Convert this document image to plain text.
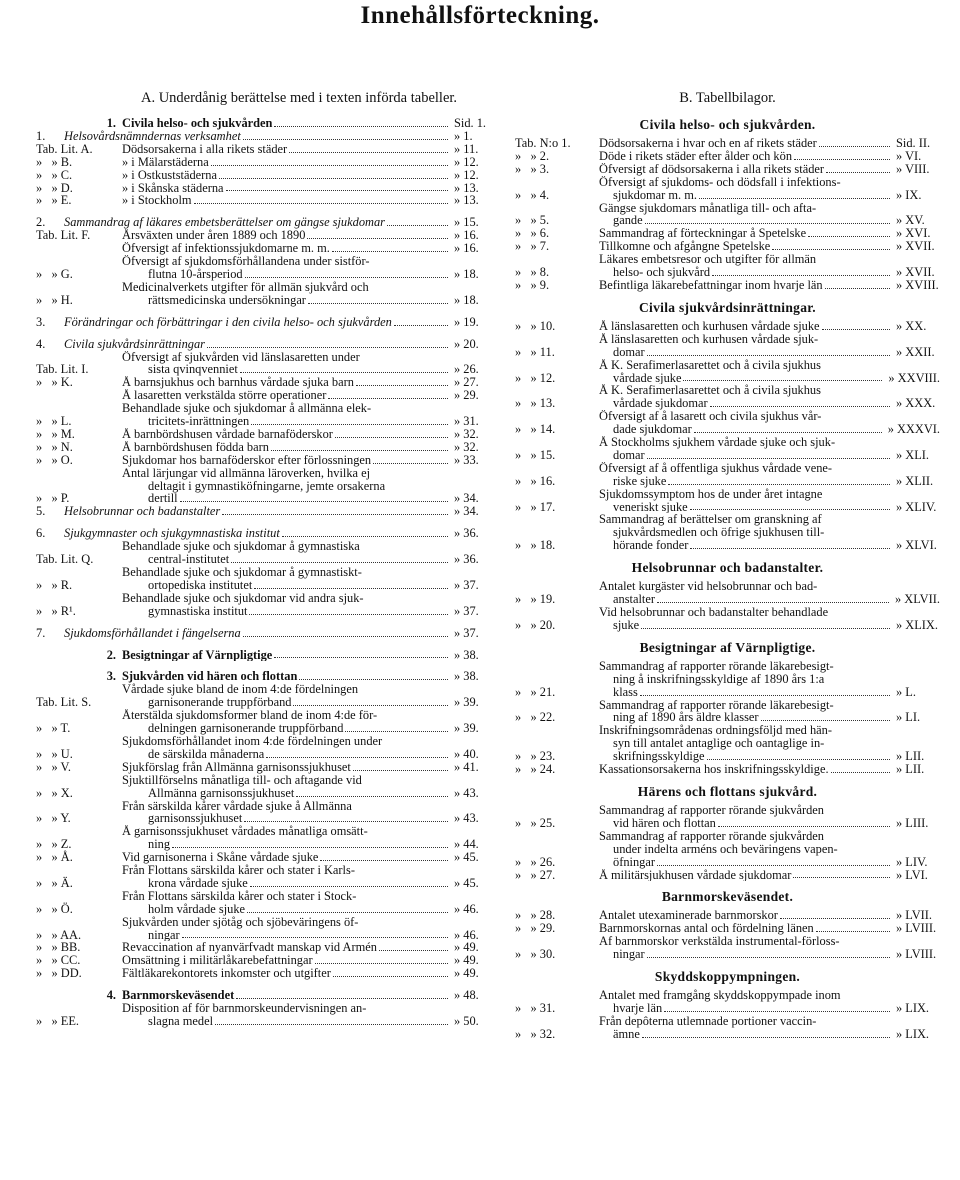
Innehållsförteckning.
A. Underdånig berättelse med i texten införda tabeller.
1. Civila helso- och sjukvården	Sid. 1.
1.	Helsovårdsnämndernas verksamhet	» 1.
Tab. Lit. A.	Dödsorsakerna i alla rikets städer	» 11.
»   » B.	» i Mälarstäderna	» 12.
»   » C.	» i Ostkuststäderna	» 12.
»   » D.	» i Skånska städerna	» 13.
»   » E.	» i Stockholm	» 13.
2.	Sammandrag af läkares embetsberättelser om gängse sjukdomar	» 15.
Tab. Lit. F.	Årsväxten under åren 1889 och 1890	» 16.
Öfversigt af infektionssjukdomarne m. m.	» 16.
»   » G.
Öfversigt af sjukdomsförhållandena under sistför-
flutna 10-årsperiod	» 18.
»   » H.
Medicinalverkets utgifter för allmän sjukvård och
rättsmedicinska undersökningar	» 18.
3.	Förändringar och förbättringar i den civila helso- och sjukvården	» 19.
4.	Civila sjukvårdsinrättningar	» 20.
Tab. Lit. I.
Öfversigt af sjukvården vid länslasaretten under
sista qvinqvenniet	» 26.
»   » K.	Å barnsjukhus och barnhus vårdade sjuka barn	» 27.
Å lasaretten verkstälda större operationer	» 29.
»   » L.
Behandlade sjuke och sjukdomar å allmänna elek-
tricitets-inrättningen	» 31.
»   » M.	Å barnbördshusen vårdade barnaföderskor	» 32.
»   » N.	Å barnbördshusen födda barn	» 32.
»   » O.	Sjukdomar hos barnaföderskor efter förlossningen	» 33.
»   » P.
Antal lärjungar vid allmänna läroverken, hvilka ej
deltagit i gymnastiköfningarne, jemte orsakerna
dertill	» 34.
5.	Helsobrunnar och badanstalter	» 34.
6.	Sjukgymnaster och sjukgymnastiska institut	» 36.
Tab. Lit. Q.
Behandlade sjuke och sjukdomar å gymnastiska
central-institutet	» 36.
»   » R.
Behandlade sjuke och sjukdomar å gymnastiskt-
ortopediska institutet	» 37.
»   » R¹.
Behandlade sjuke och sjukdomar vid andra sjuk-
gymnastiska institut	» 37.
7.	Sjukdomsförhållandet i fängelserna	» 37.
2. Besigtningar af Värnpligtige	» 38.
3. Sjukvården vid hären och flottan	» 38.
Tab. Lit. S.
Vårdade sjuke bland de inom 4:de fördelningen
garnisonerande truppförband	» 39.
»   » T.
Återstälda sjukdomsformer bland de inom 4:de för-
delningen garnisonerande truppförband	» 39.
»   » U.
Sjukdomsförhållandet inom 4:de fördelningen under
de särskilda månaderna	» 40.
»   » V.	Sjukförslag från Allmänna garnisonssjukhuset	» 41.
»   » X.
Sjuktillförselns månatliga till- och aftagande vid
Allmänna garnisonssjukhuset	» 43.
»   » Y.
Från särskilda kårer vårdade sjuke å Allmänna
garnisonssjukhuset	» 43.
»   » Z.
Å garnisonssjukhuset vårdades månatliga omsätt-
ning	» 44.
»   » Å.	Vid garnisonerna i Skåne vårdade sjuke	» 45.
»   » Ä.
Från Flottans särskilda kårer och stater i Karls-
krona vårdade sjuke	» 45.
»   » Ö.
Från Flottans särskilda kårer och stater i Stock-
holm vårdade sjuke	» 46.
»   » AA.
Sjukvården under sjötåg och sjöbeväringens öf-
ningar	» 46.
»   » BB.	Revaccination af nyanvärfvadt manskap vid Armén	» 49.
»   » CC.	Omsättning i militärlåkarebefattningar	» 49.
»   » DD.	Fältläkarekontorets inkomster och utgifter	» 49.
4. Barnmorskeväsendet	» 48.
»   » EE.
Disposition af för barnmorskeundervisningen an-
slagna medel	» 50.
B. Tabellbilagor.
Civila helso- och sjukvården.
Tab. N:o 1.	Dödsorsakerna i hvar och en af rikets städer	Sid. II.
»   » 2.	Döde i rikets städer efter ålder och kön	» VI.
»   » 3.	Öfversigt af dödsorsakerna i alla rikets städer	» VIII.
»   » 4.
Öfversigt af sjukdoms- och dödsfall i infektions-
sjukdomar m. m.	» IX.
»   » 5.
Gängse sjukdomars månatliga till- och afta-
gande	» XV.
»   » 6.	Sammandrag af förteckningar å Spetelske	» XVI.
»   » 7.	Tillkomne och afgångne Spetelske	» XVII.
»   » 8.
Läkares embetsresor och utgifter för allmän
helso- och sjukvård	» XVII.
»   » 9.	Befintliga läkarebefattningar inom hvarje län	» XVIII.
Civila sjukvårdsinrättningar.
»   » 10.	Å länslasaretten och kurhusen vårdade sjuke	» XX.
»   » 11.
Å länslasaretten och kurhusen vårdade sjuk-
domar	» XXII.
»   » 12.
Å K. Serafimerlasarettet och å civila sjukhus
vårdade sjuke	» XXVIII.
»   » 13.
Å K. Serafimerlasarettet och å civila sjukhus
vårdade sjukdomar	» XXX.
»   » 14.
Öfversigt af å lasarett och civila sjukhus vår-
dade sjukdomar	» XXXVI.
»   » 15.
Å Stockholms sjukhem vårdade sjuke och sjuk-
domar	» XLI.
»   » 16.
Öfversigt af å offentliga sjukhus vårdade vene-
riske sjuke	» XLII.
»   » 17.
Sjukdomssymptom hos de under året intagne
veneriskt sjuke	» XLIV.
»   » 18.
Sammandrag af berättelser om granskning af
sjukvårdsmedlen och öfrige sjukhusen till-
hörande fonder	» XLVI.
Helsobrunnar och badanstalter.
»   » 19.
Antalet kurgäster vid helsobrunnar och bad-
anstalter	» XLVII.
»   » 20.
Vid helsobrunnar och badanstalter behandlade
sjuke	» XLIX.
Besigtningar af Värnpligtige.
»   » 21.
Sammandrag af rapporter rörande läkarebesigt-
ning å inskrifningsskyldige af 1890 års 1:a
klass	» L.
»   » 22.
Sammandrag af rapporter rörande läkarebesigt-
ning af 1890 års äldre klasser	» LI.
»   » 23.
Inskrifningsområdenas ordningsföljd med hän-
syn till antalet antaglige och oantaglige in-
skrifningsskyldige	» LII.
»   » 24.	Kassationsorsakerna hos inskrifningsskyldige.	» LII.
Härens och flottans sjukvård.
»   » 25.
Sammandrag af rapporter rörande sjukvården
vid hären och flottan	» LIII.
»   » 26.
Sammandrag af rapporter rörande sjukvården
under indelta arméns och beväringens vapen-
öfningar	» LIV.
»   » 27.	Å militärsjukhusen vårdade sjukdomar	» LVI.
Barnmorskeväsendet.
»   » 28.	Antalet utexaminerade barnmorskor	» LVII.
»   » 29.	Barnmorskornas antal och fördelning länen	» LVIII.
»   » 30.
Af barnmorskor verkstälda instrumental-förloss-
ningar	» LVIII.
Skyddskoppympningen.
»   » 31.
Antalet med framgång skyddskoppympade inom
hvarje län	» LIX.
»   » 32.
Från depôterna utlemnade portioner vaccin-
ämne	» LIX.
